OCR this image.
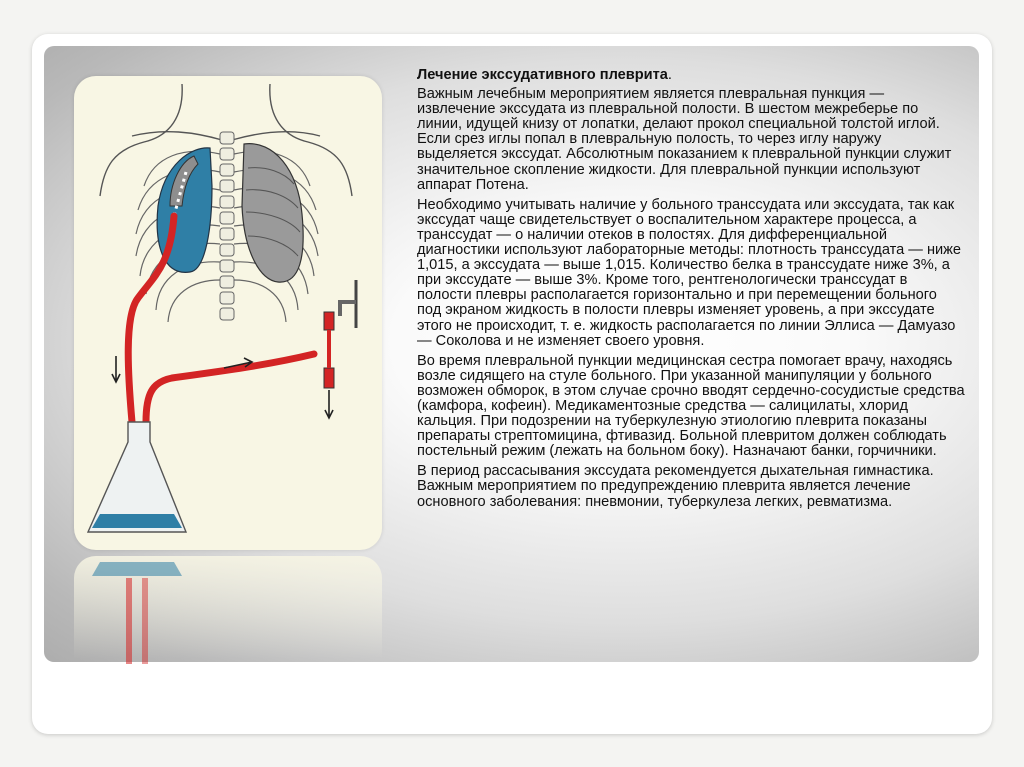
Лечение экссудативного плеврита.

Важным лечебным мероприятием является плевральная пункция — извлечение экссудата из плевральной полости. В шестом межреберье по линии, идущей книзу от лопатки, делают прокол специальной толстой иглой. Если срез иглы попал в плевральную полость, то через иглу наружу выделяется экссудат. Абсолютным показанием к плевральной пункции служит значительное скопление жидкости. Для плевральной пункции используют аппарат Потена.

Необходимо учитывать наличие у больного транссудата или экссудата, так как экссудат чаще свидетельствует о воспалительном характере процесса, а транссудат — о наличии отеков в полостях. Для дифференциальной диагностики используют лабораторные методы: плотность транссудата — ниже 1,015, а экссудата — выше 1,015. Количество белка в транссудате ниже 3%, а при экссудате — выше 3%. Кроме того, рентгенологически транссудат в полости плевры располагается горизонтально и при перемещении больного под экраном жидкость в полости плевры изменяет уровень, а при экссудате этого не происходит, т. е. жидкость располагается по линии Эллиса — Дамуазо — Соколова и не изменяет своего уровня.

Во время плевральной пункции медицинская сестра помогает врачу, находясь возле сидящего на стуле больного. При указанной манипуляции у больного возможен обморок, в этом случае срочно вводят сердечно-сосудистые средства (камфора, кофеин). Медикаментозные средства — салицилаты, хлорид кальция. При подозрении на туберкулезную этиологию плеврита показаны препараты стрептомицина, фтивазид. Больной плевритом должен соблюдать постельный режим (лежать на больном боку). Назначают банки, горчичники.

В период рассасывания экссудата рекомендуется дыхательная гимнастика. Важным мероприятием по предупреждению плеврита является лечение основного заболевания: пневмонии, туберкулеза легких, ревматизма.
